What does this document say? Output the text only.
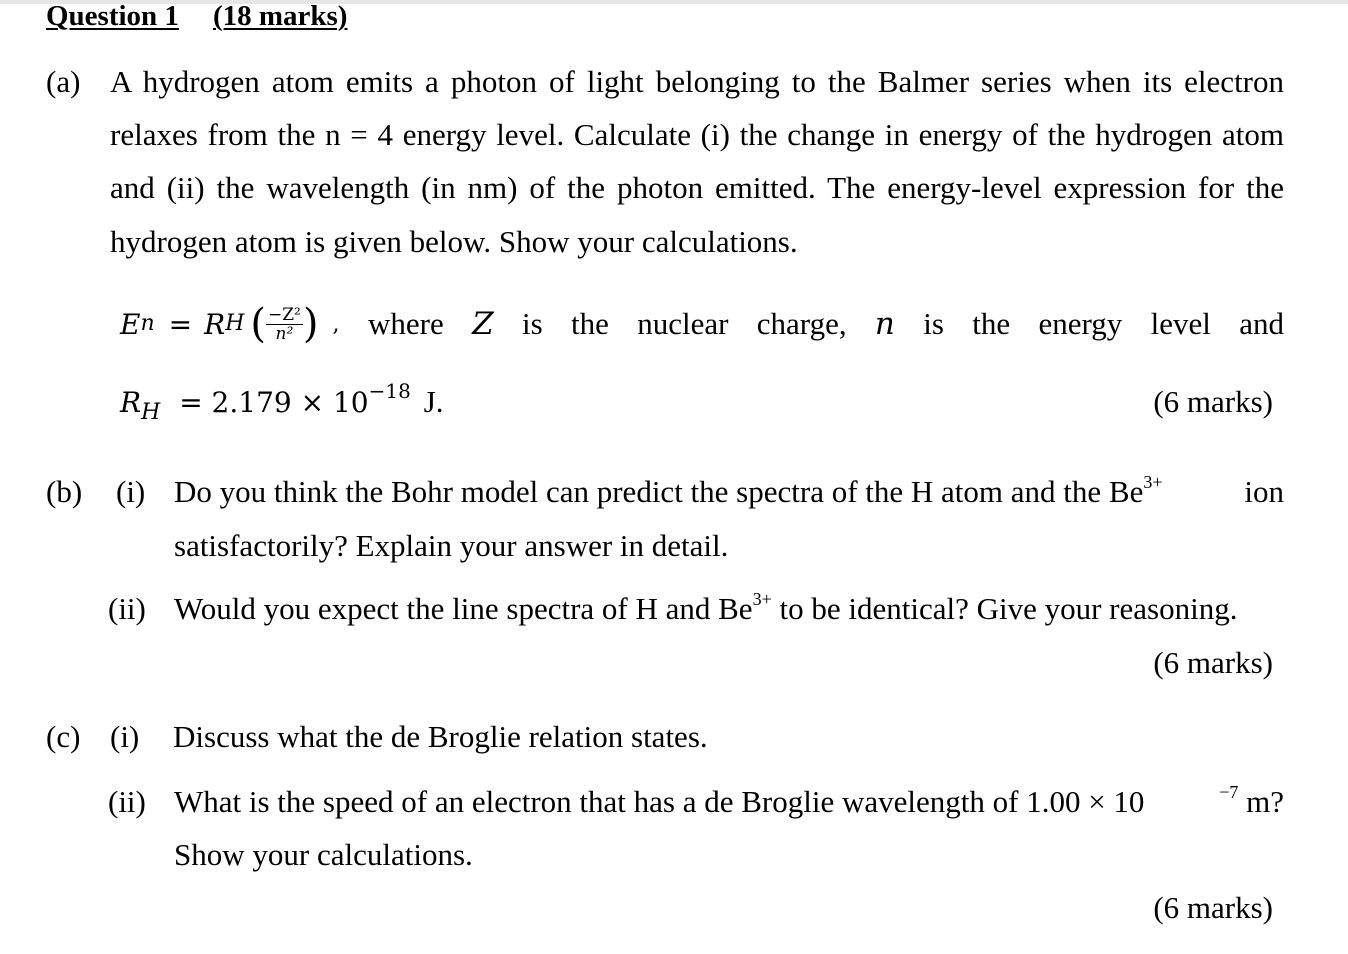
Question 1 (18 marks)
(a) A hydrogen atom emits a photon of light belonging to the Balmer series when its electron
relaxes from the n = 4 energy level. Calculate (i) the change in energy of the hydrogen atom
and (ii) the wavelength (in nm) of the photon emitted. The energy-level expression for the
hydrogen atom is given below. Show your calculations.
E n = R H ( $\frac{\text{−Z²}}{\text{n²}}$ ) , where Z is the nuclear charge, n is the energy level and
$R_H = 2.179 \times 10^{-18}$ J.	(6 marks)
(b) (i) Do you think the Bohr model can predict the spectra of the H atom and the $Be^{3+}$	ion
satisfactorily? Explain your answer in detail.
(ii) Would you expect the line spectra of H and $Be^{3+}$ to be identical? Give your reasoning.
(6 marks)
(c) (i) Discuss what the de Broglie relation states.
(ii) What is the speed of an electron that has a de Broglie wavelength of 1.00 × 10	$^{-7}$ m?
Show your calculations.
(6 marks)
